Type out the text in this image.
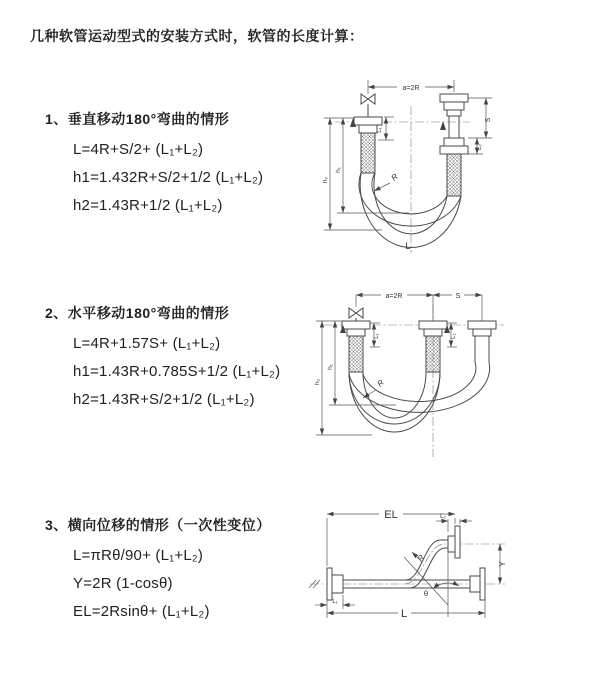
几种软管运动型式的安装方式时，软管的长度计算：
1、垂直移动180°弯曲的情形
L=4R+S/2+ (L₁+L₂)
h1=1.432R+S/2+1/2 (L₁+L₂)
h2=1.43R+1/2 (L₁+L₂)
2、水平移动180°弯曲的情形
L=4R+1.57S+ (L₁+L₂)
h1=1.43R+0.785S+1/2 (L₁+L₂)
h2=1.43R+S/2+1/2 (L₁+L₂)
3、横向位移的情形（一次性变位）
L=πRθ/90+ (L₁+L₂)
Y=2R (1-cosθ)
EL=2Rsinθ+ (L₁+L₂)
a=2R
R
L
h₂
h₁
L₁
S
L₂
a=2R	S
L₁	L₂
R
h₂
h₁
EL	L₂
Y
L
L₁
R
θ
